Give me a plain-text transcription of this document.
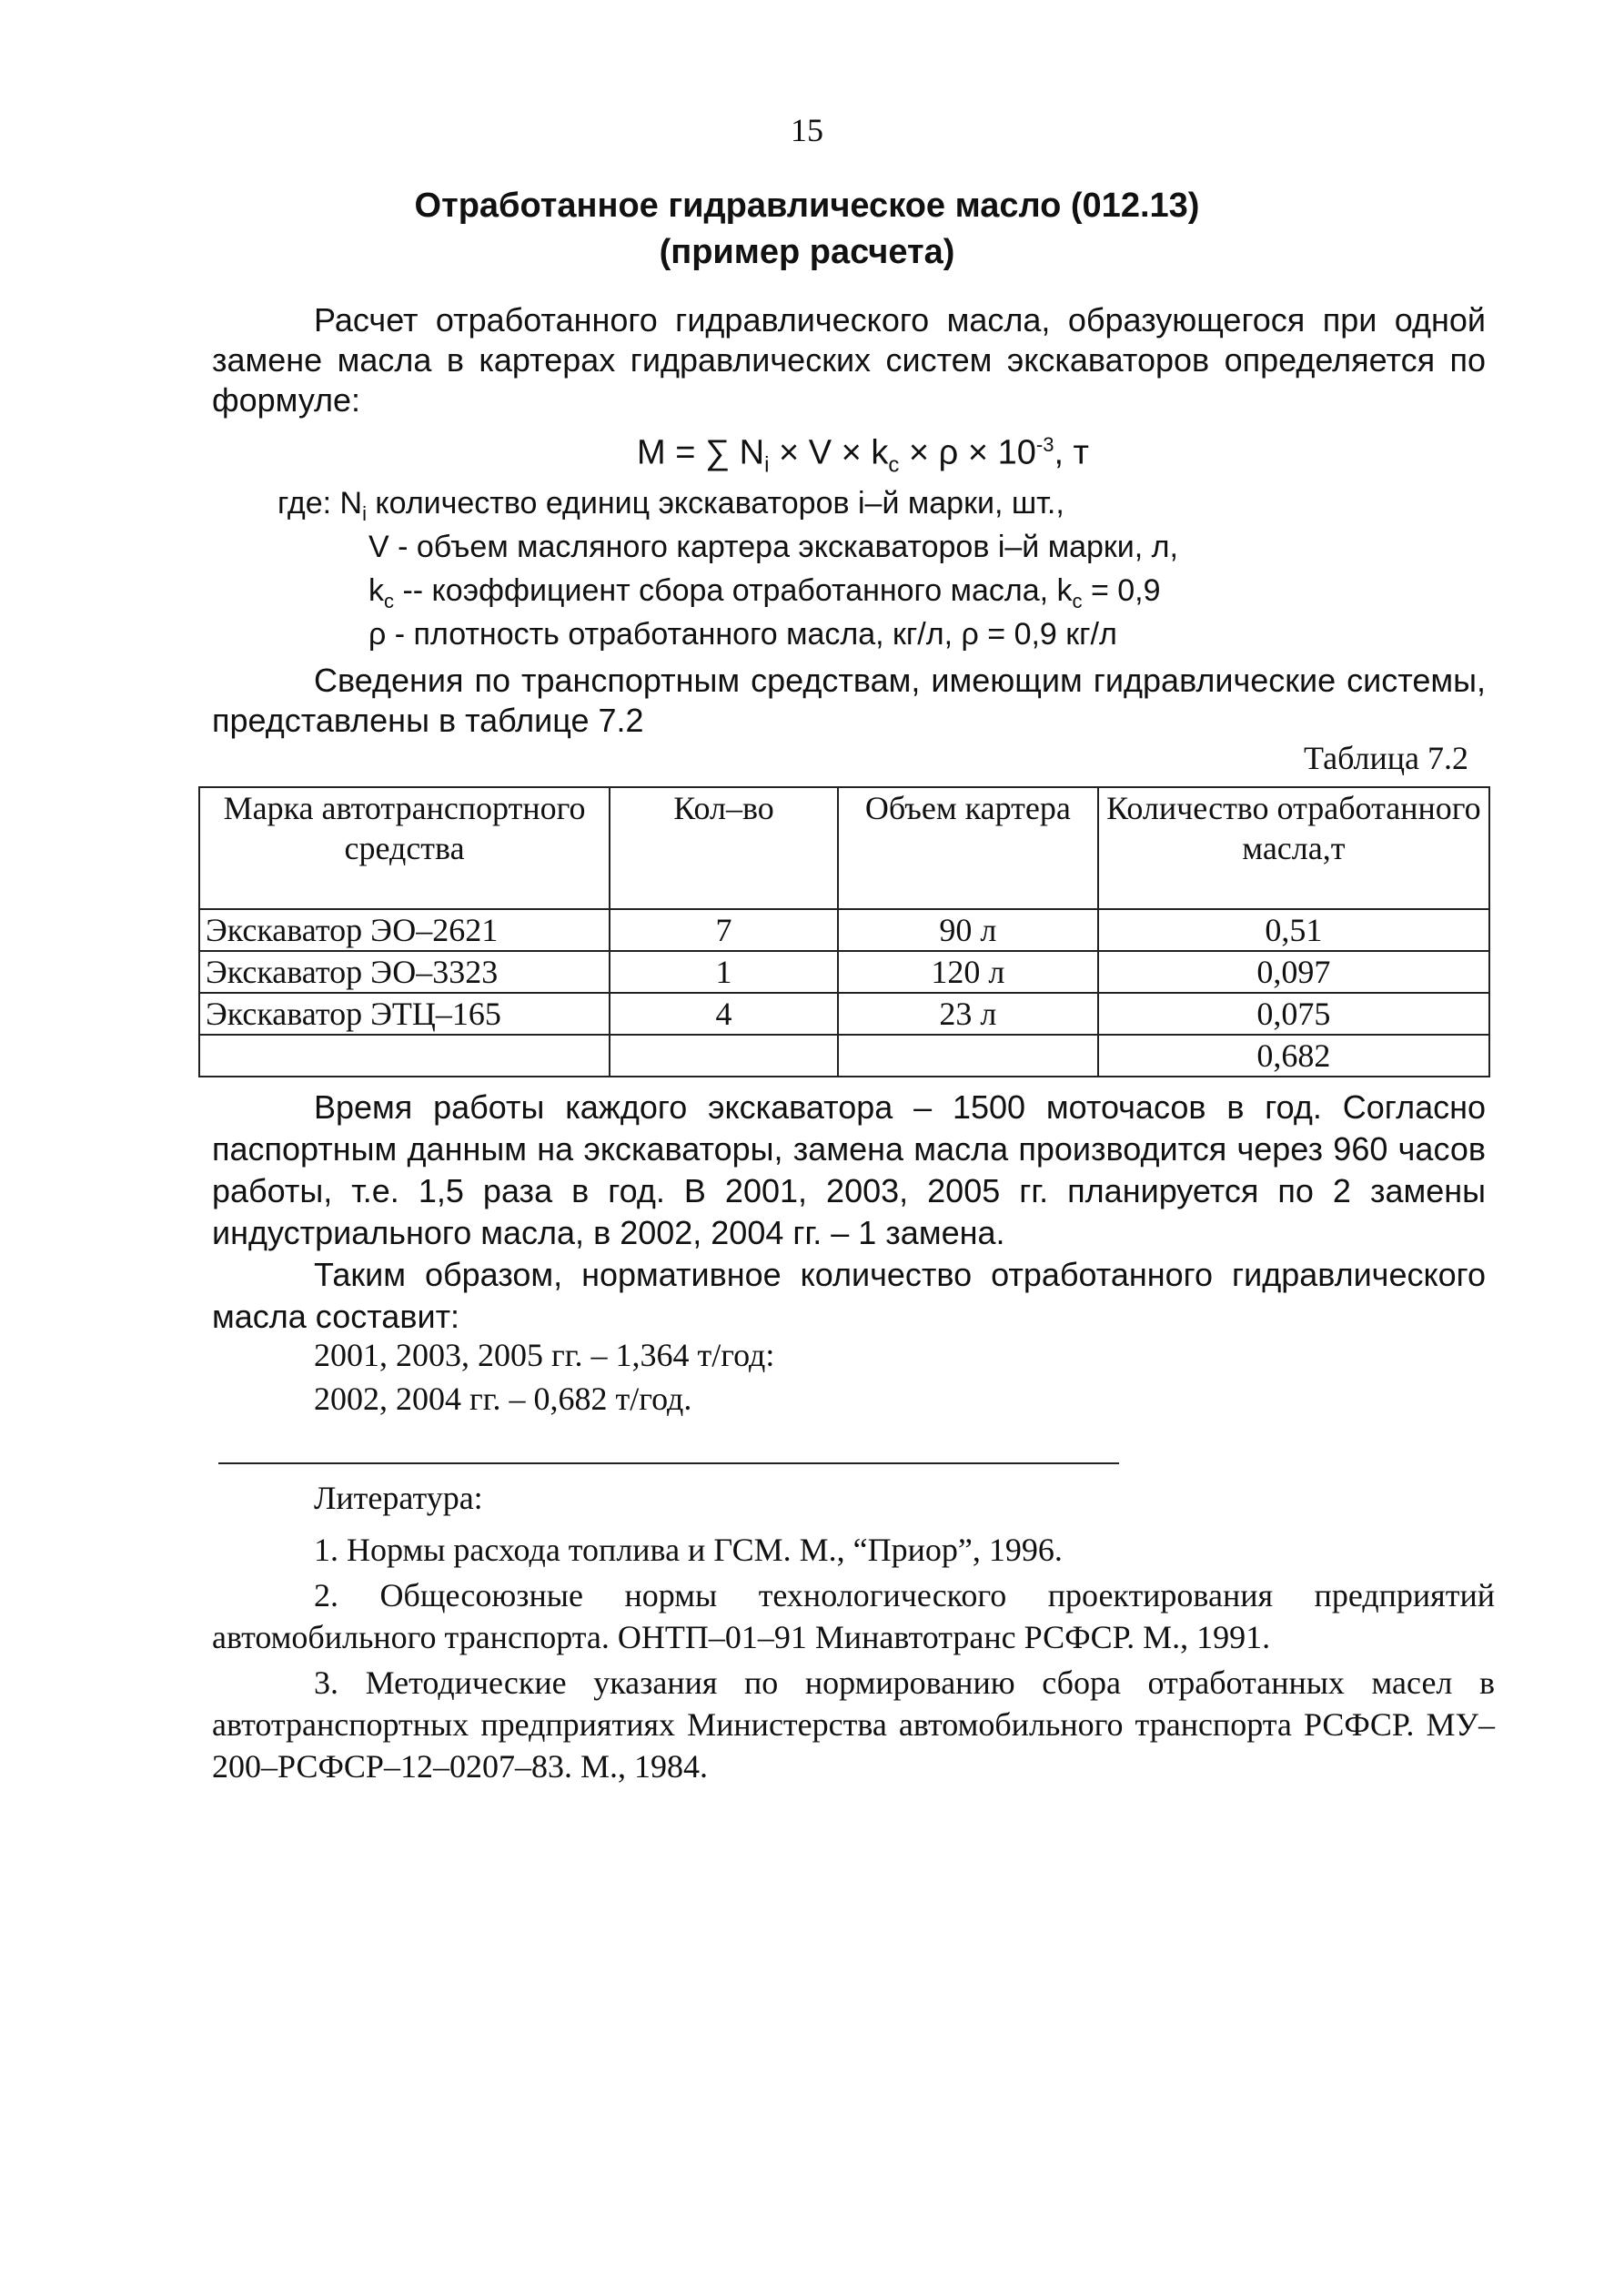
15
Отработанное гидравлическое масло (012.13)
(пример расчета)
Расчет отработанного гидравлического масла, образующегося при одной замене масла в картерах гидравлических систем экскаваторов определяется по формуле:
M = ∑ $N_i \times V \times k_c \times \rho \times 10^{-3}$, т
где: $N_i$ количество единиц экскаваторов i–й марки, шт.,
V - объем масляного картера экскаваторов i–й марки, л,
$k_c$ -- коэффициент сбора отработанного масла, $k_c = 0,9$
ρ - плотность отработанного масла, кг/л, ρ = 0,9 кг/л
Сведения по транспортным средствам, имеющим гидравлические системы, представлены в таблице 7.2
Таблица 7.2
Марка автотранспортного средства	Кол–во	Объем картера	Количество отработанного масла,т
Экскаватор ЭО–2621	7	90 л	0,51
Экскаватор ЭО–3323	1	120 л	0,097
Экскаватор ЭТЦ–165	4	23 л	0,075
			0,682
Время работы каждого экскаватора – 1500 моточасов в год. Согласно паспортным данным на экскаваторы, замена масла производится через 960 часов работы, т.е. 1,5 раза в год. В 2001, 2003, 2005 гг. планируется по 2 замены индустриального масла, в 2002, 2004 гг. – 1 замена.
Таким образом, нормативное количество отработанного гидравлического масла составит:
2001, 2003, 2005 гг. – 1,364 т/год:
2002, 2004 гг. – 0,682 т/год.
Литература:
1. Нормы расхода топлива и ГСМ. М., “Приор”, 1996.
2. Общесоюзные нормы технологического проектирования предприятий автомобильного транспорта. ОНТП–01–91 Минавтотранс РСФСР. М., 1991.
3. Методические указания по нормированию сбора отработанных масел в автотранспортных предприятиях Министерства автомобильного транспорта РСФСР. МУ–200–РСФСР–12–0207–83. М., 1984.
